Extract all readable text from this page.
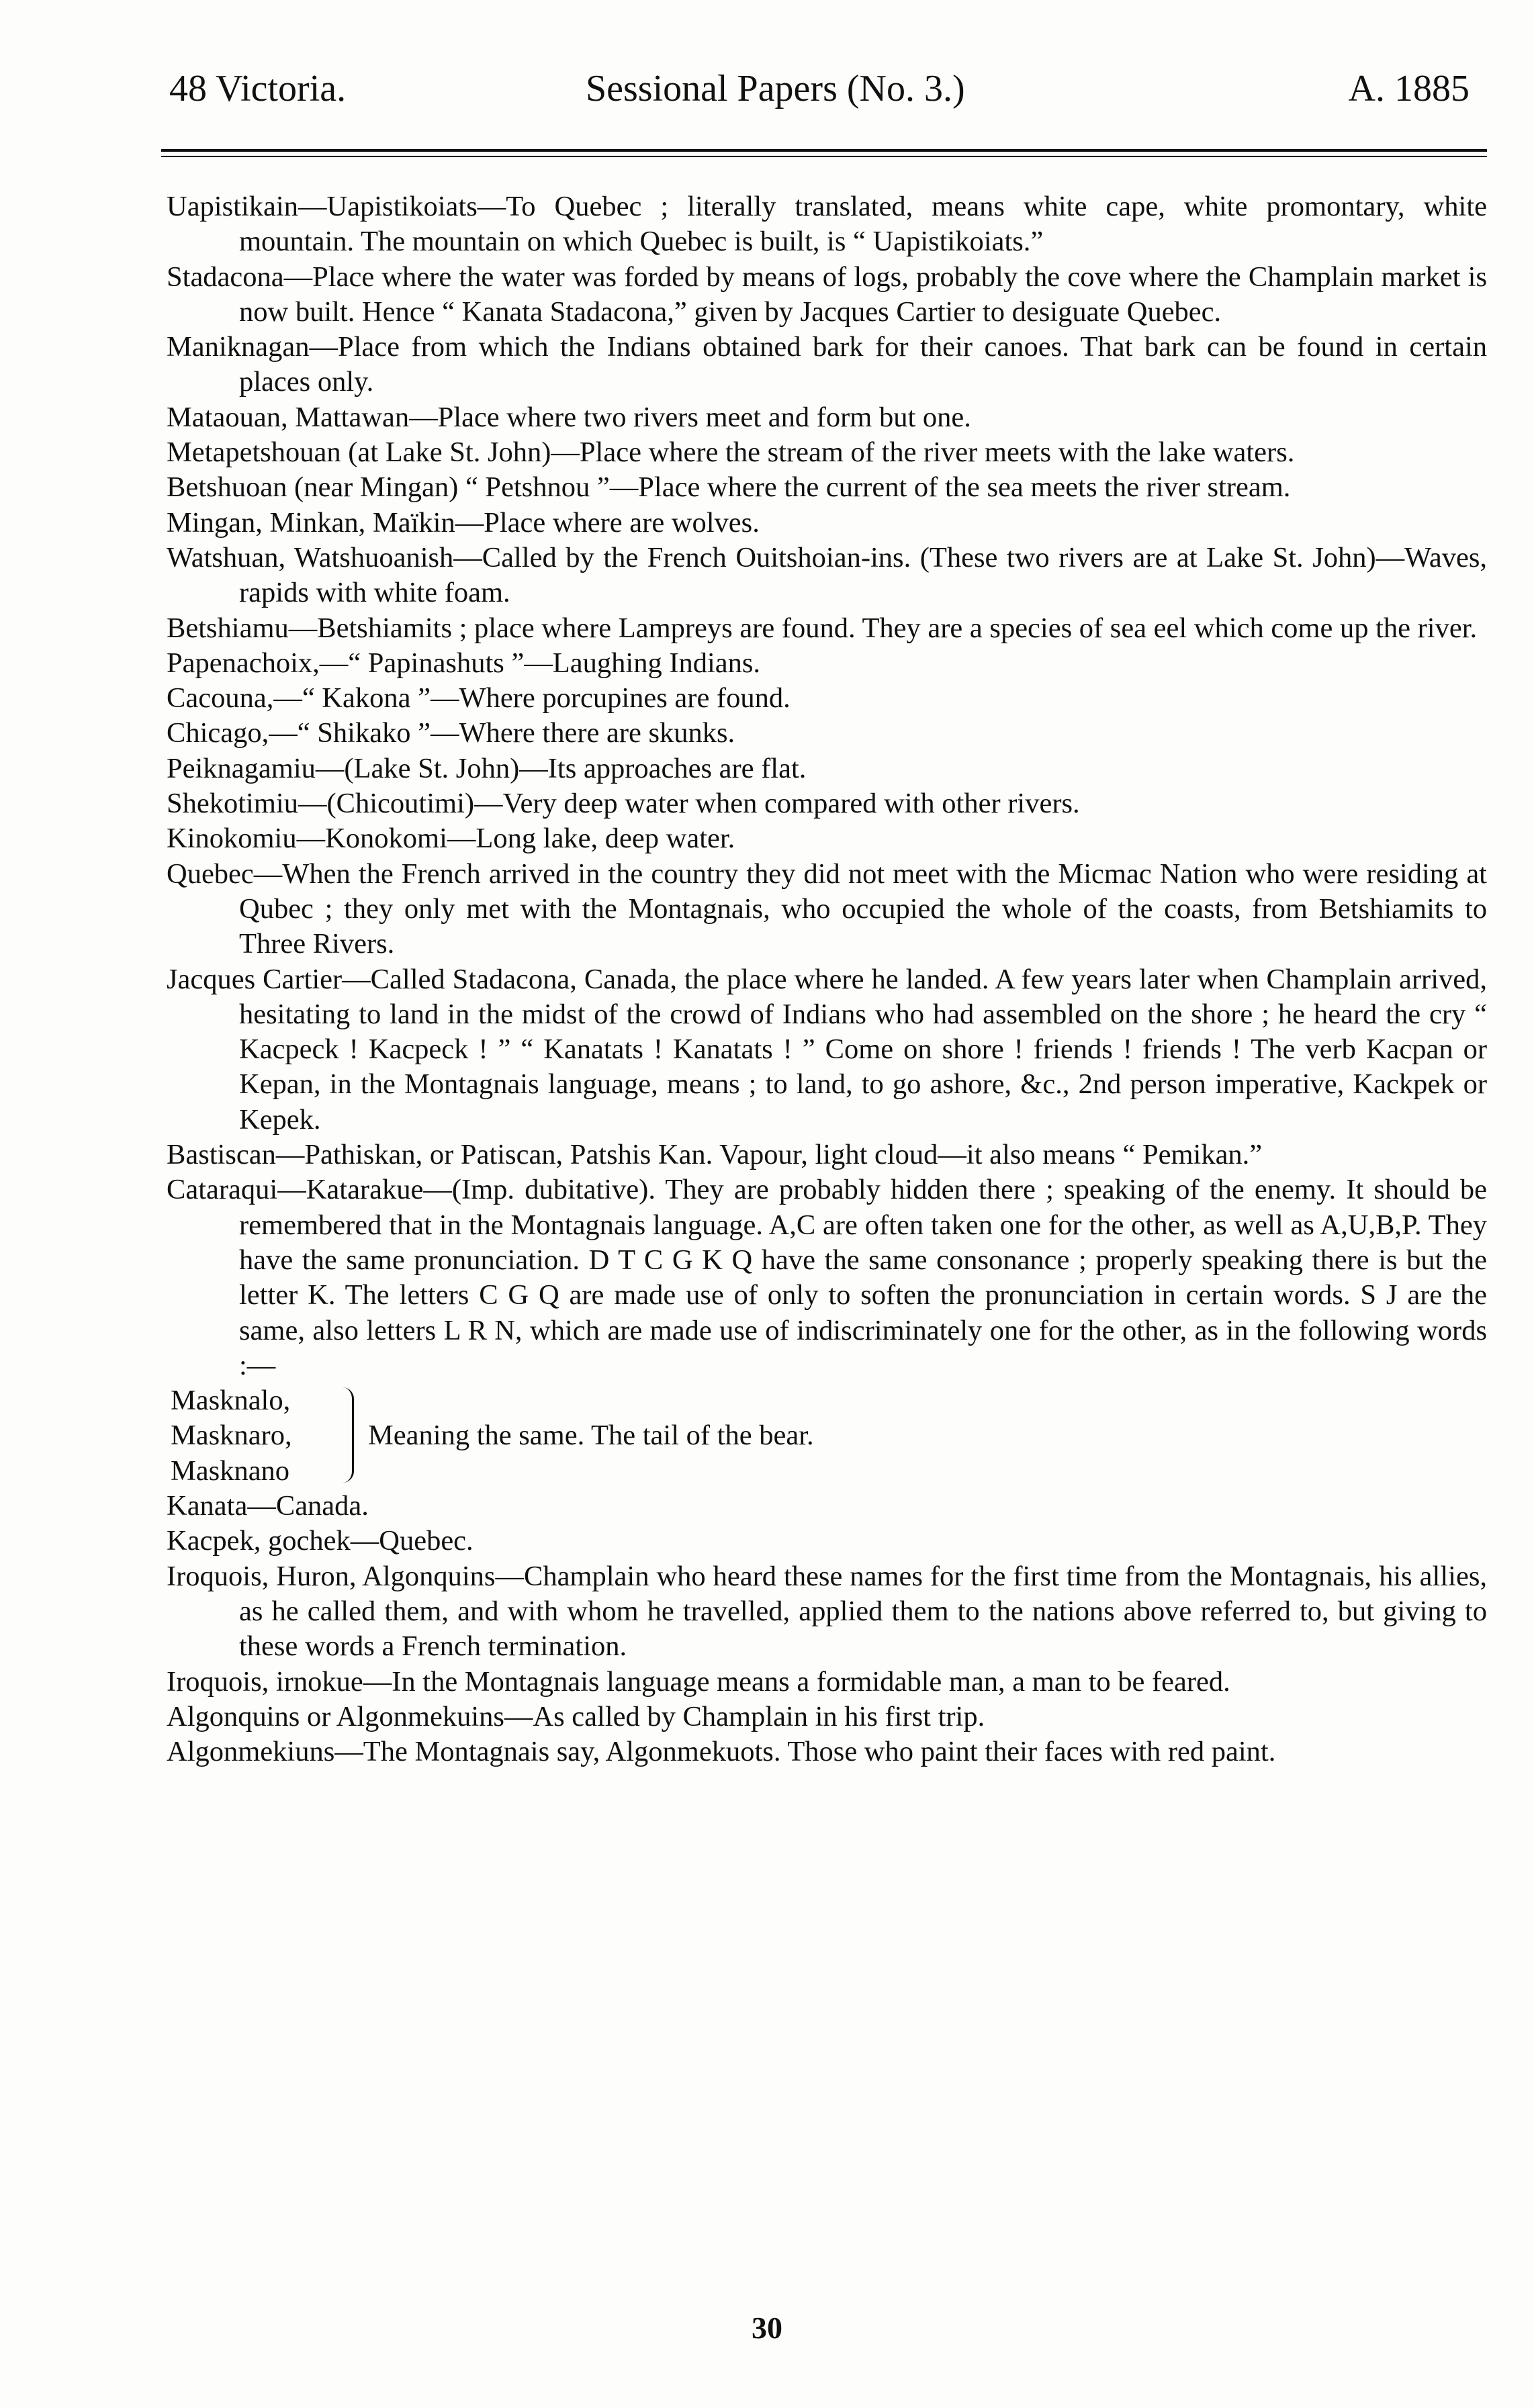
48 Victoria.	Sessional Papers (No. 3.)	A. 1885

Uapistikain—Uapistikoiats—To Quebec ; literally translated, means white cape, white promontary, white mountain. The mountain on which Quebec is built, is “ Uapistikoiats.”

Stadacona—Place where the water was forded by means of logs, probably the cove where the Champlain market is now built. Hence “ Kanata Stadacona,” given by Jacques Cartier to desiguate Quebec.

Maniknagan—Place from which the Indians obtained bark for their canoes. That bark can be found in certain places only.

Mataouan, Mattawan—Place where two rivers meet and form but one.

Metapetshouan (at Lake St. John)—Place where the stream of the river meets with the lake waters.

Betshuoan (near Mingan) “ Petshnou ”—Place where the current of the sea meets the river stream.

Mingan, Minkan, Maïkin—Place where are wolves.

Watshuan, Watshuoanish—Called by the French Ouitshoian-ins. (These two rivers are at Lake St. John)—Waves, rapids with white foam.

Betshiamu—Betshiamits ; place where Lampreys are found. They are a species of sea eel which come up the river.

Papenachoix,—“ Papinashuts ”—Laughing Indians.

Cacouna,—“ Kakona ”—Where porcupines are found.

Chicago,—“ Shikako ”—Where there are skunks.

Peiknagamiu—(Lake St. John)—Its approaches are flat.

Shekotimiu—(Chicoutimi)—Very deep water when compared with other rivers.

Kinokomiu—Konokomi—Long lake, deep water.

Quebec—When the French arrived in the country they did not meet with the Micmac Nation who were residing at Qubec ; they only met with the Montagnais, who occupied the whole of the coasts, from Betshiamits to Three Rivers.

Jacques Cartier—Called Stadacona, Canada, the place where he landed. A few years later when Champlain arrived, hesitating to land in the midst of the crowd of Indians who had assembled on the shore ; he heard the cry “ Kacpeck ! Kacpeck ! ” “ Kanatats ! Kanatats ! ” Come on shore ! friends ! friends ! The verb Kacpan or Kepan, in the Montagnais language, means ; to land, to go ashore, &c., 2nd person imperative, Kackpek or Kepek.

Bastiscan—Pathiskan, or Patiscan, Patshis Kan. Vapour, light cloud—it also means “ Pemikan.”

Cataraqui—Katarakue—(Imp. dubitative). They are probably hidden there ; speaking of the enemy. It should be remembered that in the Montagnais language. A,C are often taken one for the other, as well as A,U,B,P. They have the same pronunciation. D T C G K Q have the same consonance ; properly speaking there is but the letter K. The letters C G Q are made use of only to soften the pronunciation in certain words. S J are the same, also letters L R N, which are made use of indiscriminately one for the other, as in the following words :—

Masknalo,
Masknaro,
Masknano
Meaning the same. The tail of the bear.

Kanata—Canada.

Kacpek, gochek—Quebec.

Iroquois, Huron, Algonquins—Champlain who heard these names for the first time from the Montagnais, his allies, as he called them, and with whom he travelled, applied them to the nations above referred to, but giving to these words a French termination.

Iroquois, irnokue—In the Montagnais language means a formidable man, a man to be feared.

Algonquins or Algonmekuins—As called by Champlain in his first trip.

Algonmekiuns—The Montagnais say, Algonmekuots. Those who paint their faces with red paint.

30
